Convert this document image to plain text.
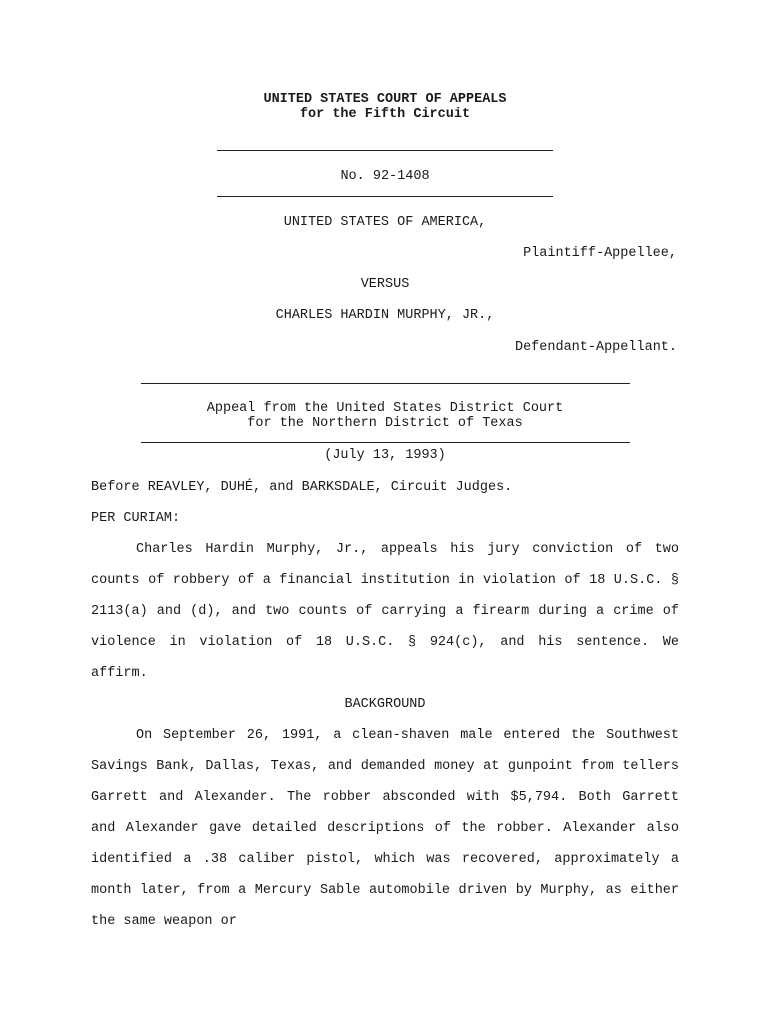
UNITED STATES COURT OF APPEALS
for the Fifth Circuit
No. 92-1408
UNITED STATES OF AMERICA,
Plaintiff-Appellee,
VERSUS
CHARLES HARDIN MURPHY, JR.,
Defendant-Appellant.
Appeal from the United States District Court
for the Northern District of Texas
(July 13, 1993)

Before REAVLEY, DUHÉ, and BARKSDALE, Circuit Judges.

PER CURIAM:

Charles Hardin Murphy, Jr., appeals his jury conviction of two counts of robbery of a financial institution in violation of 18 U.S.C. § 2113(a) and (d), and two counts of carrying a firearm during a crime of violence in violation of 18 U.S.C. § 924(c), and his sentence. We affirm.

BACKGROUND

On September 26, 1991, a clean-shaven male entered the Southwest Savings Bank, Dallas, Texas, and demanded money at gunpoint from tellers Garrett and Alexander. The robber absconded with $5,794. Both Garrett and Alexander gave detailed descriptions of the robber. Alexander also identified a .38 caliber pistol, which was recovered, approximately a month later, from a Mercury Sable automobile driven by Murphy, as either the same weapon or
